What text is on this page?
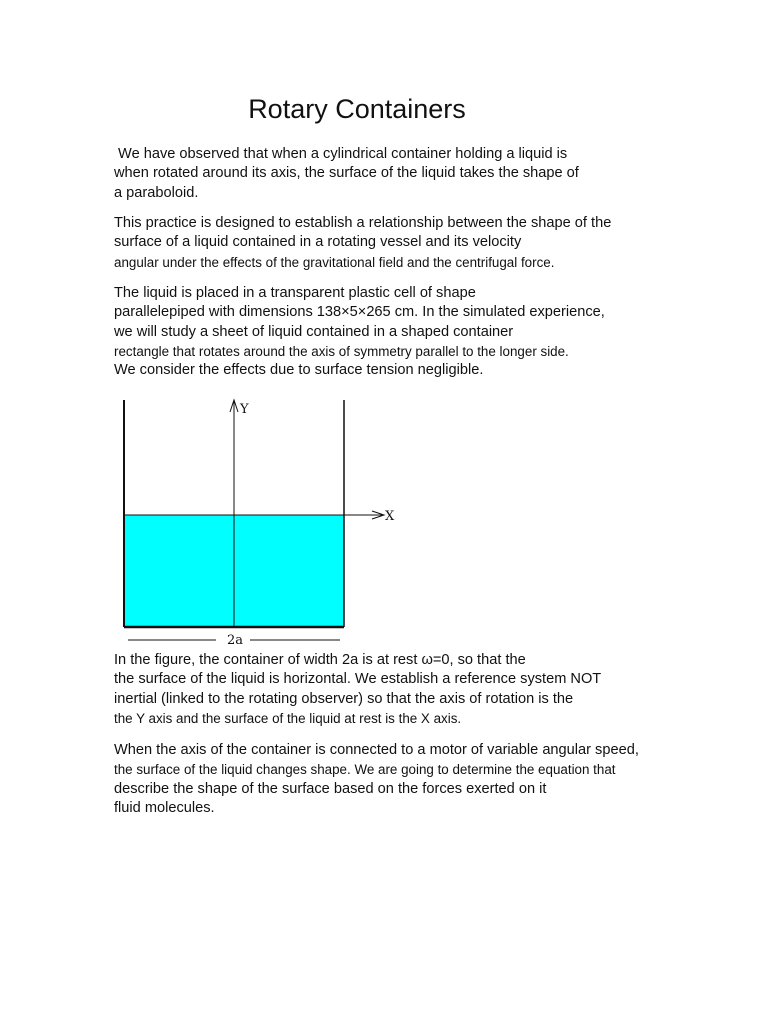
Rotary Containers
We have observed that when a cylindrical container holding a liquid is
when rotated around its axis, the surface of the liquid takes the shape of
a paraboloid.
This practice is designed to establish a relationship between the shape of the
surface of a liquid contained in a rotating vessel and its velocity
angular under the effects of the gravitational field and the centrifugal force.
The liquid is placed in a transparent plastic cell of shape
parallelepiped with dimensions 138×5×265 cm. In the simulated experience,
we will study a sheet of liquid contained in a shaped container
rectangle that rotates around the axis of symmetry parallel to the longer side.
We consider the effects due to surface tension negligible.
Y
X
2a
In the figure, the container of width 2a is at rest ω=0, so that the
the surface of the liquid is horizontal. We establish a reference system NOT
inertial (linked to the rotating observer) so that the axis of rotation is the
the Y axis and the surface of the liquid at rest is the X axis.
When the axis of the container is connected to a motor of variable angular speed,
the surface of the liquid changes shape. We are going to determine the equation that
describe the shape of the surface based on the forces exerted on it
fluid molecules.
